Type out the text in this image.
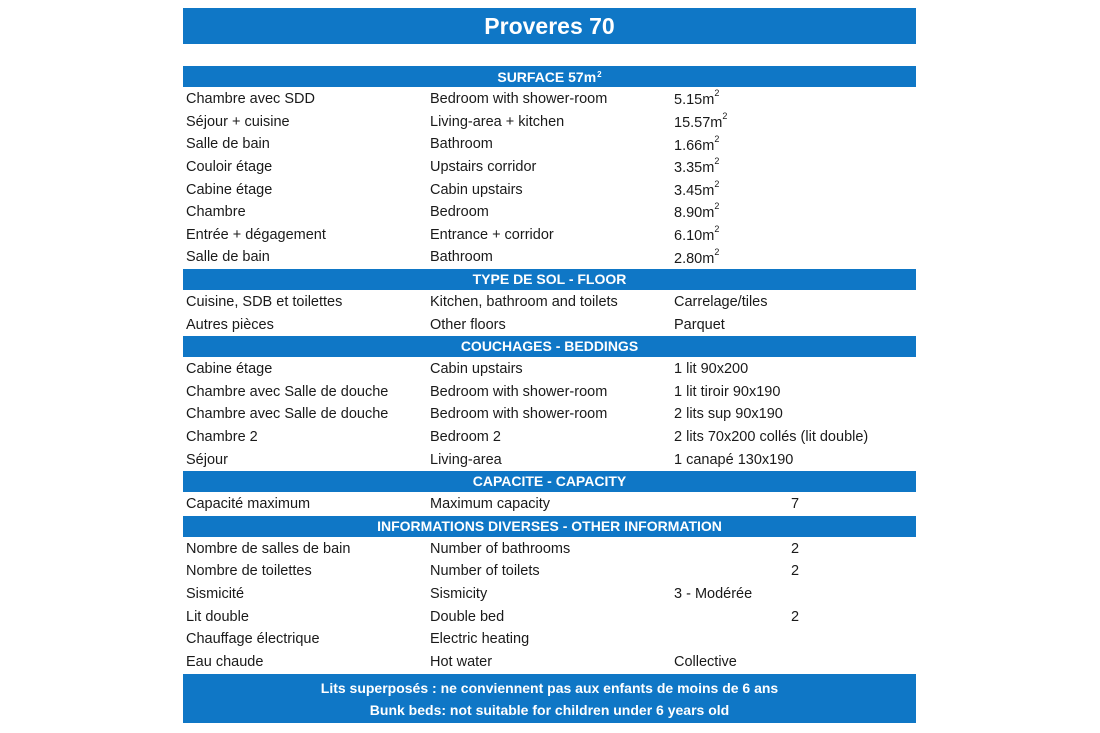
Proveres 70
SURFACE $57m^2$
Chambre avec SDD	Bedroom with shower-room	$5.15m^2$
Séjour + cuisine	Living-area + kitchen	$15.57m^2$
Salle de bain	Bathroom	$1.66m^2$
Couloir étage	Upstairs corridor	$3.35m^2$
Cabine étage	Cabin upstairs	$3.45m^2$
Chambre	Bedroom	$8.90m^2$
Entrée + dégagement	Entrance + corridor	$6.10m^2$
Salle de bain	Bathroom	$2.80m^2$
TYPE DE SOL - FLOOR
Cuisine, SDB et toilettes	Kitchen, bathroom and toilets	Carrelage/tiles
Autres pièces	Other floors	Parquet
COUCHAGES - BEDDINGS
Cabine étage	Cabin upstairs	1 lit 90x200
Chambre avec Salle de douche	Bedroom with shower-room	1 lit tiroir 90x190
Chambre avec Salle de douche	Bedroom with shower-room	2 lits sup 90x190
Chambre 2	Bedroom 2	2 lits 70x200 collés (lit double)
Séjour	Living-area	1 canapé 130x190
CAPACITE - CAPACITY
Capacité maximum	Maximum capacity	7
INFORMATIONS DIVERSES - OTHER INFORMATION
Nombre de salles de bain	Number of bathrooms	2
Nombre de toilettes	Number of toilets	2
Sismicité	Sismicity	3 - Modérée
Lit double	Double bed	2
Chauffage électrique	Electric heating
Eau chaude	Hot water	Collective
Lits superposés : ne conviennent pas aux enfants de moins de 6 ans
Bunk beds: not suitable for children under 6 years old
